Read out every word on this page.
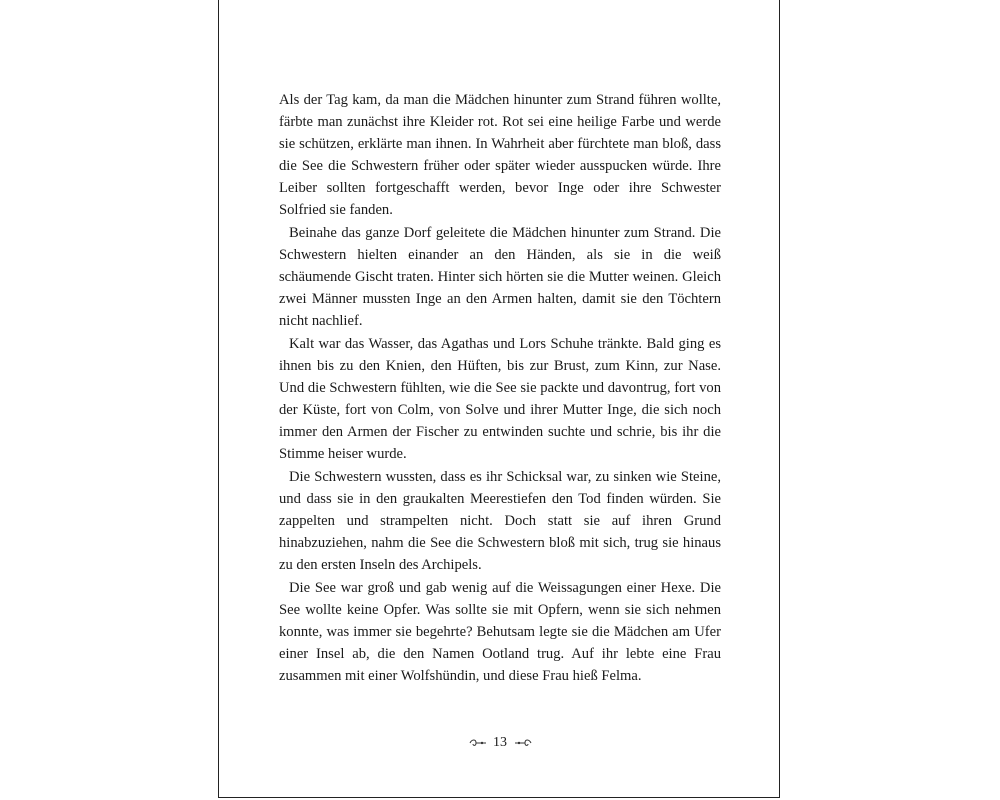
Als der Tag kam, da man die Mädchen hinunter zum Strand führen wollte, färbte man zunächst ihre Kleider rot. Rot sei eine heilige Farbe und werde sie schützen, erklärte man ihnen. In Wahrheit aber fürchtete man bloß, dass die See die Schwestern früher oder später wieder ausspucken würde. Ihre Leiber sollten fortgeschafft werden, bevor Inge oder ihre Schwester Solfried sie fanden.

Beinahe das ganze Dorf geleitete die Mädchen hinunter zum Strand. Die Schwestern hielten einander an den Händen, als sie in die weiß schäumende Gischt traten. Hinter sich hörten sie die Mutter weinen. Gleich zwei Männer mussten Inge an den Armen halten, damit sie den Töchtern nicht nachlief.

Kalt war das Wasser, das Agathas und Lors Schuhe tränkte. Bald ging es ihnen bis zu den Knien, den Hüften, bis zur Brust, zum Kinn, zur Nase. Und die Schwestern fühlten, wie die See sie packte und davontrug, fort von der Küste, fort von Colm, von Solve und ihrer Mutter Inge, die sich noch immer den Armen der Fischer zu entwinden suchte und schrie, bis ihr die Stimme heiser wurde.

Die Schwestern wussten, dass es ihr Schicksal war, zu sinken wie Steine, und dass sie in den graukalten Meerestiefen den Tod finden würden. Sie zappelten und strampelten nicht. Doch statt sie auf ihren Grund hinabzuziehen, nahm die See die Schwestern bloß mit sich, trug sie hinaus zu den ersten Inseln des Archipels.

Die See war groß und gab wenig auf die Weissagungen einer Hexe. Die See wollte keine Opfer. Was sollte sie mit Opfern, wenn sie sich nehmen konnte, was immer sie begehrte? Behutsam legte sie die Mädchen am Ufer einer Insel ab, die den Namen Ootland trug. Auf ihr lebte eine Frau zusammen mit einer Wolfshündin, und diese Frau hieß Felma.

13
